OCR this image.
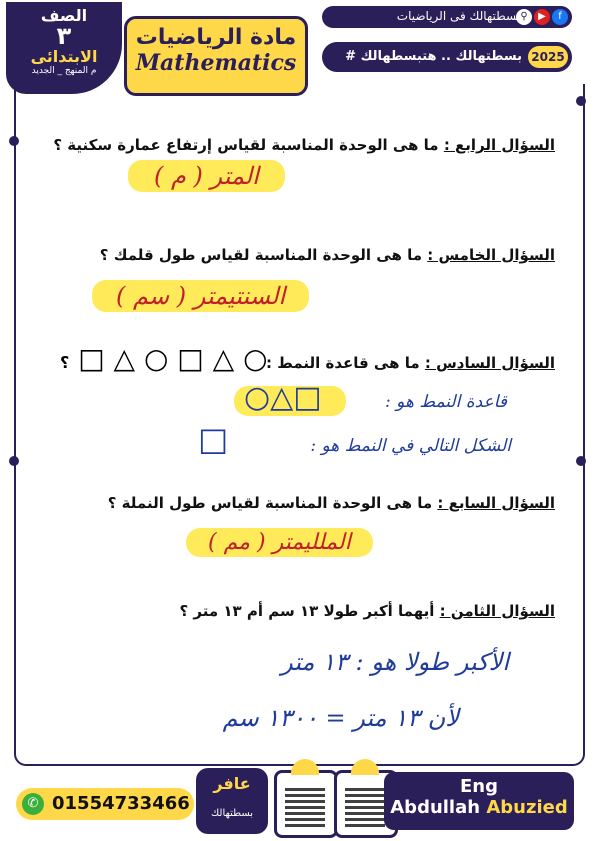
الصف
٣
الابتدائى
م المنهج _ الجديد
مادة الرياضيات
Mathematics
f
▶
⚲
بسطتهالك فى الرياضيات
2025
# بسطتهالك .. هتبسطهالك
السؤال الرابع : ما هى الوحدة المناسبة لقياس إرتفاع عمارة سكنية ؟
المتر ( م )
السؤال الخامس : ما هى الوحدة المناسبة لقياس طول قلمك ؟
السنتيمتر ( سم )
السؤال السادس : ما هى قاعدة النمط :
؟ □ △ ○ □ △ ○
○△□	قاعدة النمط هو :
الشكل التالي في النمط هو :
□
السؤال السابع : ما هى الوحدة المناسبة لقياس طول النملة ؟
الملليمتر ( مم )
السؤال الثامن : أيهما أكبر طولا ١٣ سم أم ١٣ متر ؟
الأكبر طولا هو : ١٣ متر
لأن ١٣ متر = ١٣٠٠ سم
✆ 01554733466
عافر
بسطتهالك
Eng
Abdullah Abuzied
